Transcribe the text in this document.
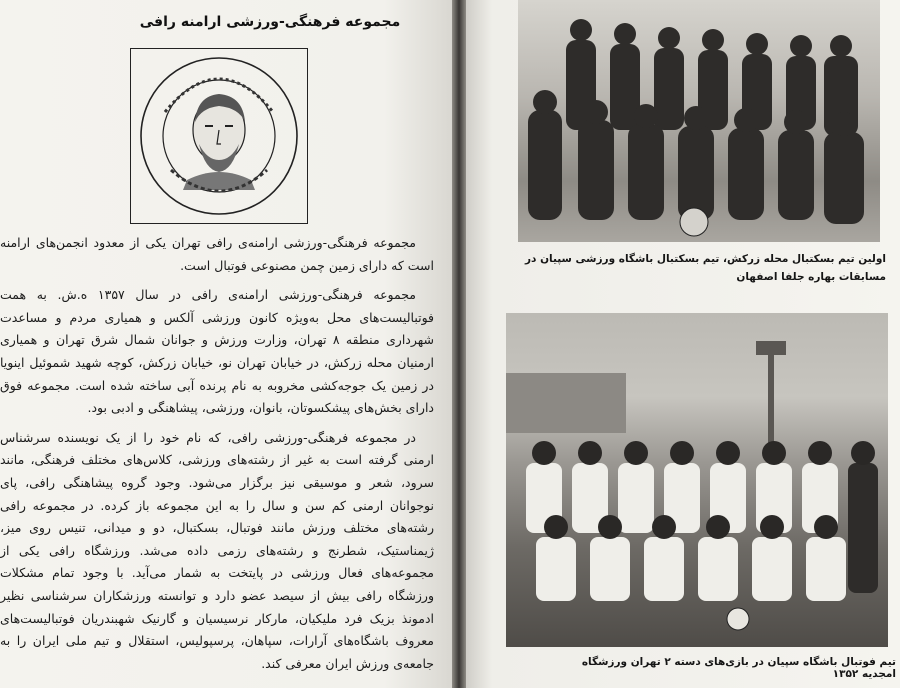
مجموعه فرهنگی-ورزشی ارامنه رافی

مجموعه فرهنگی-ورزشی ارامنه‌ی رافی تهران یکی از معدود انجمن‌های ارامنه است که دارای زمین چمن مصنوعی فوتبال است.

مجموعه فرهنگی-ورزشی ارامنه‌ی رافی در سال ۱۳۵۷ ه.ش. به همت فوتبالیست‌های محل به‌ویژه کانون ورزشی آلکس و همیاری مردم و مساعدت شهرداری منطقه ۸ تهران، وزارت ورزش و جوانان شمال شرق تهران و همیاری ارمنیان محله زرکش، در خیابان تهران نو، خیابان زرکش، کوچه شهید شموئیل اینویا در زمین یک جوجه‌کشی مخروبه به نام پرنده آبی ساخته شده است. مجموعه فوق دارای بخش‌های پیشکسوتان، بانوان، ورزشی، پیشاهنگی و ادبی بود.

در مجموعه فرهنگی-ورزشی رافی، که نام خود را از یک نویسنده سرشناس ارمنی گرفته است به غیر از رشته‌های ورزشی، کلاس‌های مختلف فرهنگی، مانند سرود، شعر و موسیقی نیز برگزار می‌شود. وجود گروه پیشاهنگی رافی، پای نوجوانان ارمنی کم سن و سال را به این مجموعه باز کرده. در مجموعه رافی رشته‌های مختلف ورزش مانند فوتبال، بسکتبال، دو و میدانی، تنیس روی میز، ژیمناستیک، شطرنج و رشته‌های رزمی داده می‌شد. ورزشگاه رافی یکی از مجموعه‌های فعال ورزشی در پایتخت به شمار می‌آید. با وجود تمام مشکلات ورزشگاه رافی بیش از سیصد عضو دارد و توانسته ورزشکاران سرشناسی نظیر ادمونذ بزیک فرد ملیکیان، مارکار نرسیسیان و گارنیک شهبندریان فوتبالیست‌های معروف باشگاه‌های آرارات، سپاهان، پرسپولیس، استقلال و تیم ملی ایران را به جامعه‌ی ورزش ایران معرفی کند.

اولین تیم بسکتبال محله زرکش، تیم بسکتبال باشگاه ورزشی سپیان در مسابقات بهاره جلفا اصفهان
تیم فوتبال باشگاه سپیان در بازی‌های دسته ۲ تهران ورزشگاه امجدیه ۱۳۵۲
